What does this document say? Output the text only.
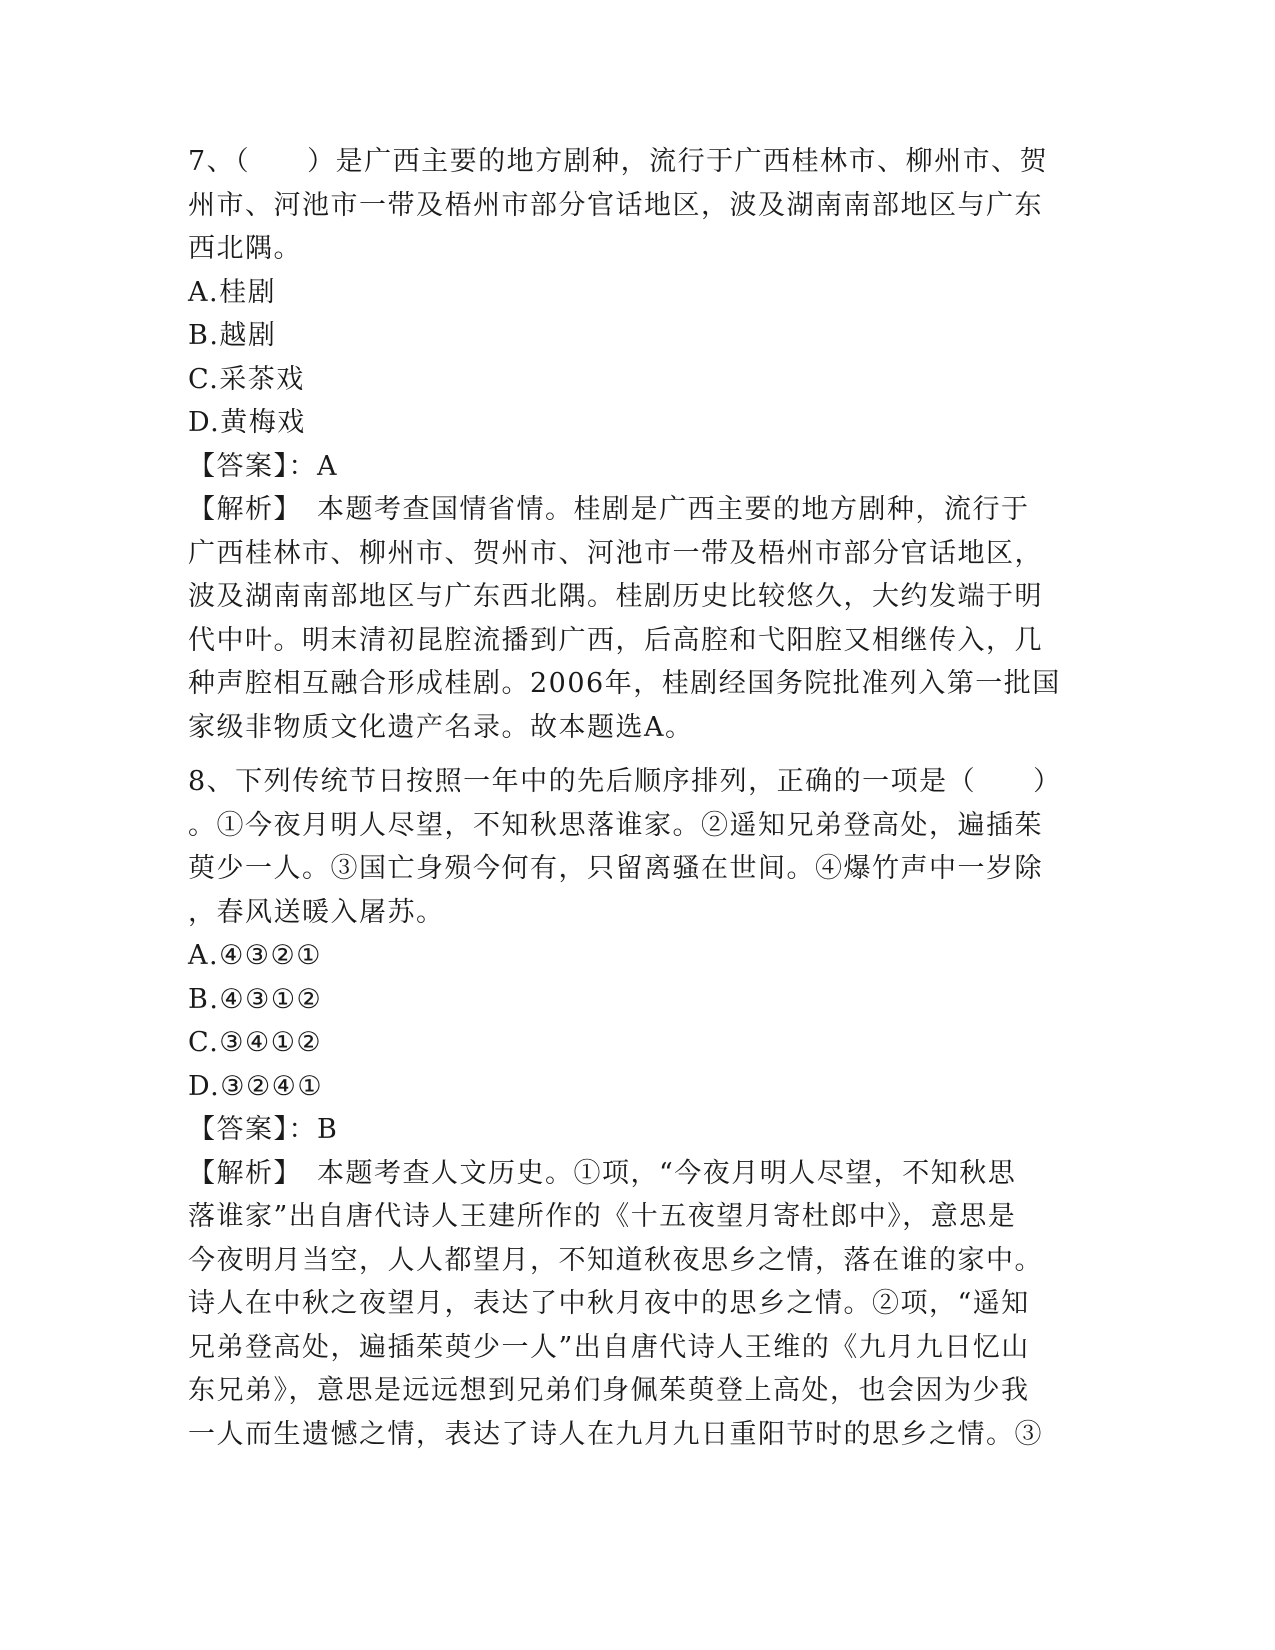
7、（　　）是广西主要的地方剧种，流行于广西桂林市、柳州市、贺
州市、河池市一带及梧州市部分官话地区，波及湖南南部地区与广东
西北隅。
A.桂剧
B.越剧
C.采茶戏
D.黄梅戏
【答案】：A
【解析】　本题考查国情省情。桂剧是广西主要的地方剧种，流行于
广西桂林市、柳州市、贺州市、河池市一带及梧州市部分官话地区，
波及湖南南部地区与广东西北隅。桂剧历史比较悠久，大约发端于明
代中叶。明末清初昆腔流播到广西，后高腔和弋阳腔又相继传入，几
种声腔相互融合形成桂剧。2006年，桂剧经国务院批准列入第一批国
家级非物质文化遗产名录。故本题选A。
8、下列传统节日按照一年中的先后顺序排列，正确的一项是（　　）
。①今夜月明人尽望，不知秋思落谁家。②遥知兄弟登高处，遍插茱
萸少一人。③国亡身殒今何有，只留离骚在世间。④爆竹声中一岁除
，春风送暖入屠苏。
A.④③②①
B.④③①②
C.③④①②
D.③②④①
【答案】：B
【解析】　本题考查人文历史。①项，“今夜月明人尽望，不知秋思
落谁家”出自唐代诗人王建所作的《十五夜望月寄杜郎中》，意思是
今夜明月当空，人人都望月，不知道秋夜思乡之情，落在谁的家中。
诗人在中秋之夜望月，表达了中秋月夜中的思乡之情。②项，“遥知
兄弟登高处，遍插茱萸少一人”出自唐代诗人王维的《九月九日忆山
东兄弟》，意思是远远想到兄弟们身佩茱萸登上高处，也会因为少我
一人而生遗憾之情，表达了诗人在九月九日重阳节时的思乡之情。③
